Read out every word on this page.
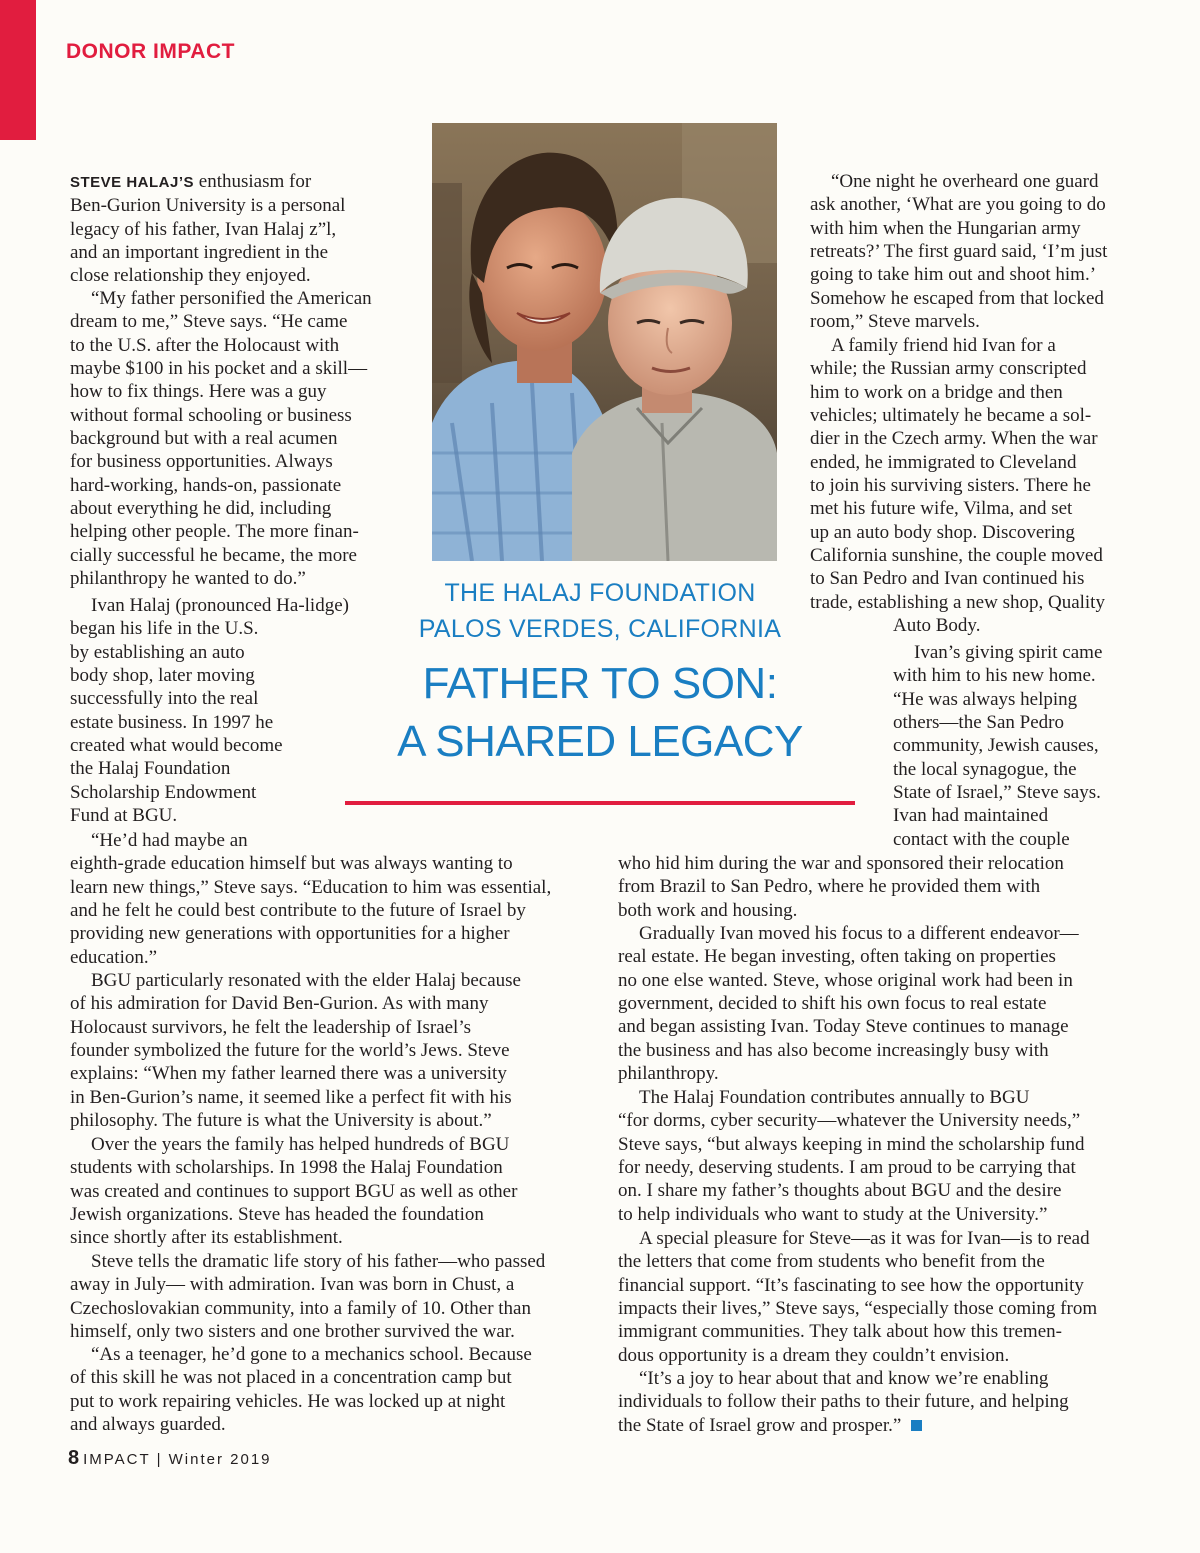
DONOR IMPACT
THE HALAJ FOUNDATION
PALOS VERDES, CALIFORNIA
FATHER TO SON:
A SHARED LEGACY

STEVE HALAJ’S enthusiasm for
Ben-Gurion University is a personal
legacy of his father, Ivan Halaj z”l,
and an important ingredient in the
close relationship they enjoyed.

“My father personified the American
dream to me,” Steve says. “He came
to the U.S. after the Holocaust with
maybe $100 in his pocket and a skill—
how to fix things. Here was a guy
without formal schooling or business
background but with a real acumen
for business opportunities. Always
hard-working, hands-on, passionate
about everything he did, including
helping other people. The more finan-
cially successful he became, the more
philanthropy he wanted to do.”

Ivan Halaj (pronounced Ha-lidge)
began his life in the U.S.
by establishing an auto
body shop, later moving
successfully into the real
estate business. In 1997 he
created what would become
the Halaj Foundation
Scholarship Endowment
Fund at BGU.

“He’d had maybe an
eighth-grade education himself but was always wanting to
learn new things,” Steve says. “Education to him was essential,
and he felt he could best contribute to the future of Israel by
providing new generations with opportunities for a higher
education.”

BGU particularly resonated with the elder Halaj because
of his admiration for David Ben-Gurion. As with many
Holocaust survivors, he felt the leadership of Israel’s
founder symbolized the future for the world’s Jews. Steve
explains: “When my father learned there was a university
in Ben-Gurion’s name, it seemed like a perfect fit with his
philosophy. The future is what the University is about.”

Over the years the family has helped hundreds of BGU
students with scholarships. In 1998 the Halaj Foundation
was created and continues to support BGU as well as other
Jewish organizations. Steve has headed the foundation
since shortly after its establishment.

Steve tells the dramatic life story of his father—who passed
away in July— with admiration. Ivan was born in Chust, a
Czechoslovakian community, into a family of 10. Other than
himself, only two sisters and one brother survived the war.

“As a teenager, he’d gone to a mechanics school. Because
of this skill he was not placed in a concentration camp but
put to work repairing vehicles. He was locked up at night
and always guarded.

“One night he overheard one guard
ask another, ‘What are you going to do
with him when the Hungarian army
retreats?’ The first guard said, ‘I’m just
going to take him out and shoot him.’
Somehow he escaped from that locked
room,” Steve marvels.

A family friend hid Ivan for a
while; the Russian army conscripted
him to work on a bridge and then
vehicles; ultimately he became a sol-
dier in the Czech army. When the war
ended, he immigrated to Cleveland
to join his surviving sisters. There he
met his future wife, Vilma, and set
up an auto body shop. Discovering
California sunshine, the couple moved
to San Pedro and Ivan continued his
trade, establishing a new shop, Quality
Auto Body.

Ivan’s giving spirit came
with him to his new home.
“He was always helping
others—the San Pedro
community, Jewish causes,
the local synagogue, the
State of Israel,” Steve says.
Ivan had maintained
contact with the couple

who hid him during the war and sponsored their relocation
from Brazil to San Pedro, where he provided them with
both work and housing.

Gradually Ivan moved his focus to a different endeavor—
real estate. He began investing, often taking on properties
no one else wanted. Steve, whose original work had been in
government, decided to shift his own focus to real estate
and began assisting Ivan. Today Steve continues to manage
the business and has also become increasingly busy with
philanthropy.

The Halaj Foundation contributes annually to BGU
“for dorms, cyber security—whatever the University needs,”
Steve says, “but always keeping in mind the scholarship fund
for needy, deserving students. I am proud to be carrying that
on. I share my father’s thoughts about BGU and the desire
to help individuals who want to study at the University.”

A special pleasure for Steve—as it was for Ivan—is to read
the letters that come from students who benefit from the
financial support. “It’s fascinating to see how the opportunity
impacts their lives,” Steve says, “especially those coming from
immigrant communities. They talk about how this tremen-
dous opportunity is a dream they couldn’t envision.

“It’s a joy to hear about that and know we’re enabling
individuals to follow their paths to their future, and helping
the State of Israel grow and prosper.”

8 IMPACT | Winter 2019
